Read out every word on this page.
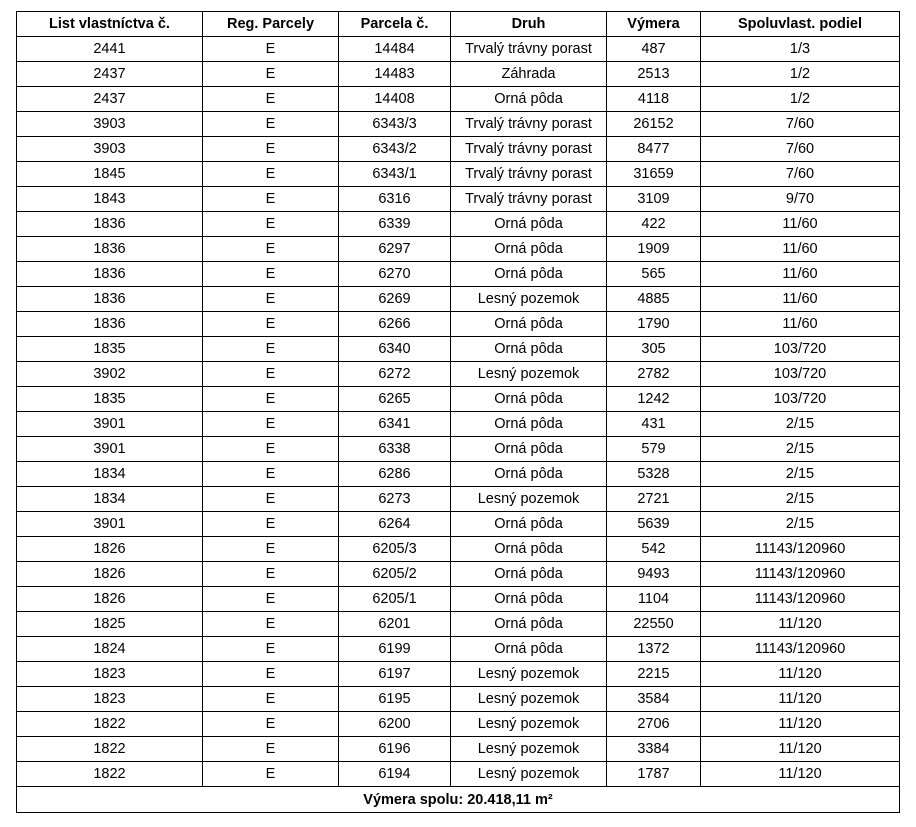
List vlastníctva č.	Reg. Parcely	Parcela č.	Druh	Výmera	Spoluvlast. podiel
2441	E	14484	Trvalý trávny porast	487	1/3
2437	E	14483	Záhrada	2513	1/2
2437	E	14408	Orná pôda	4118	1/2
3903	E	6343/3	Trvalý trávny porast	26152	7/60
3903	E	6343/2	Trvalý trávny porast	8477	7/60
1845	E	6343/1	Trvalý trávny porast	31659	7/60
1843	E	6316	Trvalý trávny porast	3109	9/70
1836	E	6339	Orná pôda	422	11/60
1836	E	6297	Orná pôda	1909	11/60
1836	E	6270	Orná pôda	565	11/60
1836	E	6269	Lesný pozemok	4885	11/60
1836	E	6266	Orná pôda	1790	11/60
1835	E	6340	Orná pôda	305	103/720
3902	E	6272	Lesný pozemok	2782	103/720
1835	E	6265	Orná pôda	1242	103/720
3901	E	6341	Orná pôda	431	2/15
3901	E	6338	Orná pôda	579	2/15
1834	E	6286	Orná pôda	5328	2/15
1834	E	6273	Lesný pozemok	2721	2/15
3901	E	6264	Orná pôda	5639	2/15
1826	E	6205/3	Orná pôda	542	11143/120960
1826	E	6205/2	Orná pôda	9493	11143/120960
1826	E	6205/1	Orná pôda	1104	11143/120960
1825	E	6201	Orná pôda	22550	11/120
1824	E	6199	Orná pôda	1372	11143/120960
1823	E	6197	Lesný pozemok	2215	11/120
1823	E	6195	Lesný pozemok	3584	11/120
1822	E	6200	Lesný pozemok	2706	11/120
1822	E	6196	Lesný pozemok	3384	11/120
1822	E	6194	Lesný pozemok	1787	11/120
Výmera spolu: 20.418,11 m²					
